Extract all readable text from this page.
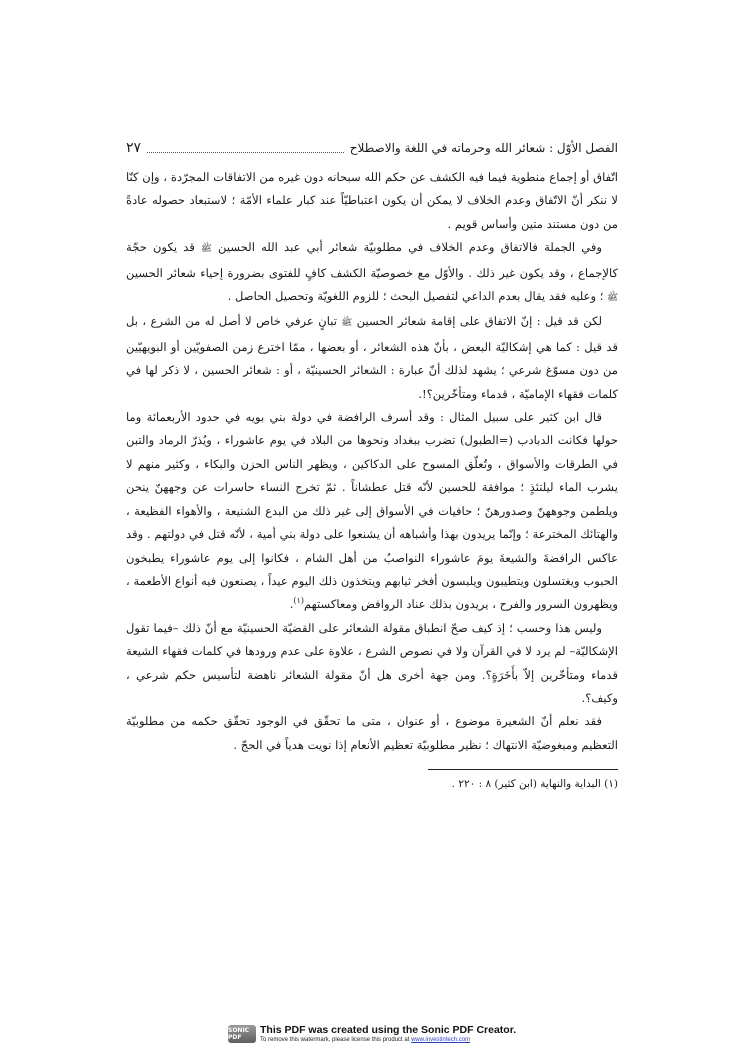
الفصل الأوّل : شعائر الله وحرماته في اللغة والاصطلاح
٢٧

اتّفاق أو إجماع منطوية فيما فيه الكشف عن حكم الله سبحانه دون غيره من الاتفاقات المجرّدة ، وإن كنّا لا ننكر أنّ الاتّفاق وعدم الخلاف لا يمكن أن يكون اعتباطيّاً عند كبار علماء الأمّة ؛ لاستبعاد حصوله عادةً من دون مستند متين وأساس قويم .

وفي الجملة فالاتفاق وعدم الخلاف في مطلوبيّة شعائر أبي عبد الله الحسين ﷺ قد يكون حجّة كالإجماع ، وقد يكون غير ذلك . والأوّل مع خصوصيّة الكشف كافٍ للفتوى بضرورة إحياء شعائر الحسين ﷺ ؛ وعليه فقد يقال بعدم الداعي لتفصيل البحث ؛ للزوم اللغويّة وتحصيل الحاصل .

لكن قد قيل : إنّ الاتفاق على إقامة شعائر الحسين ﷺ تبانٍ عرفي خاص لا أصل له من الشرع ، بل قد قيل : كما هي إشكاليّة البعض ، بأنّ هذه الشعائر ، أو بعضها ، ممّا اخترع زمن الصفويّين أو البويهيّين من دون مسوّغ شرعي ؛ يشهد لذلك أنّ عبارة : الشعائر الحسينيّة ، أو : شعائر الحسين ، لا ذكر لها في كلمات فقهاء الإماميّة ، قدماء ومتأخّرين؟!.

قال ابن كثير على سبيل المثال : وقد أسرف الرافضة في دولة بني بويه في حدود الأربعمائة وما حولها فكانت الدبادب (=الطبول) تضرب ببغداد ونحوها من البلاد في يوم عاشوراء ، ويُذرّ الرماد والتبن في الطرقات والأسواق ، وتُعلّق المسوح على الدكاكين ، ويظهر الناس الحزن والبكاء ، وكثير منهم لا يشرب الماء ليلتئذٍ ؛ موافقة للحسين لأنّه قتل عطشاناً . ثمّ تخرج النساء حاسرات عن وجههنّ ينحن ويلطمن وجوههنّ وصدورهنّ ؛ حافيات في الأسواق إلى غير ذلك من البدع الشنيعة ، والأهواء الفظيعة ، والهتائك المخترعة ؛ وإنّما يريدون بهذا وأشباهه أن يشنعوا على دولة بني أمية ، لأنّه قتل في دولتهم . وقد عاكس الرافضةَ والشيعةَ يومَ عاشوراء النواصبُ من أهل الشام ، فكانوا إلى يوم عاشوراء يطبخون الحبوب ويغتسلون ويتطيبون ويلبسون أفخر ثيابهم ويتخذون ذلك اليوم عيداً ، يصنعون فيه أنواع الأطعمة ، ويظهرون السرور والفرح ، يريدون بذلك عناد الروافض ومعاكستهم$^{(١)}$.

وليس هذا وحسب ؛ إذ كيف صحّ انطباق مقولة الشعائر على القضيّة الحسينيّة مع أنّ ذلك –فيما تقول الإشكاليّة– لم يرد لا في القرآن ولا في نصوص الشرع ، علاوة على عدم ورودها في كلمات فقهاء الشيعة قدماء ومتأخّرين إلاّ بأَخَرَةٍ؟. ومن جهة أخرى هل أنّ مقولة الشعائر ناهضة لتأسيس حكم شرعي ، وكيف؟.

فقد نعلم أنّ الشعيرة موضوع ، أو عنوان ، متى ما تحقّق في الوجود تحقّق حكمه من مطلوبيّة التعظيم ومبغوضيّة الانتهاك ؛ نظير مطلوبيّة تعظيم الأنعام إذا نويت هدياً في الحجّ .

(١) البداية والنهاية (ابن كثير) ٨ : ٢٢٠ .
SONIC PDF
This PDF was created using the Sonic PDF Creator.
To remove this watermark, please license this product at www.investintech.com
